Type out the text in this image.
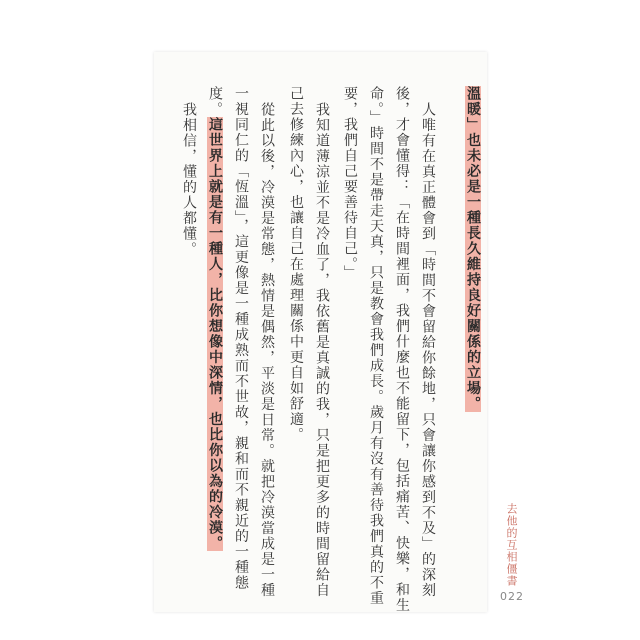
溫暖」也未必是一種長久維持良好關係的立場。
人唯有在真正體會到「時間不會留給你餘地，只會讓你感到不及」的深刻
後，才會懂得：「在時間裡面，我們什麼也不能留下，包括痛苦、快樂，和生
命。」時間不是帶走天真，只是教會我們成長。歲月有沒有善待我們真的不重
要，我們自己要善待自己。」
我知道薄涼並不是冷血了，我依舊是真誠的我，只是把更多的時間留給自
己去修練內心，也讓自己在處理關係中更自如舒適。
從此以後，冷漠是常態，熱情是偶然，平淡是日常。就把冷漠當成是一種
一視同仁的「恆溫」，這更像是一種成熟而不世故，親和而不親近的一種態
度。這世界上就是有一種人，比你想像中深情，也比你以為的冷漠。
我相信，懂的人都懂。
去他的互相僵書
022
